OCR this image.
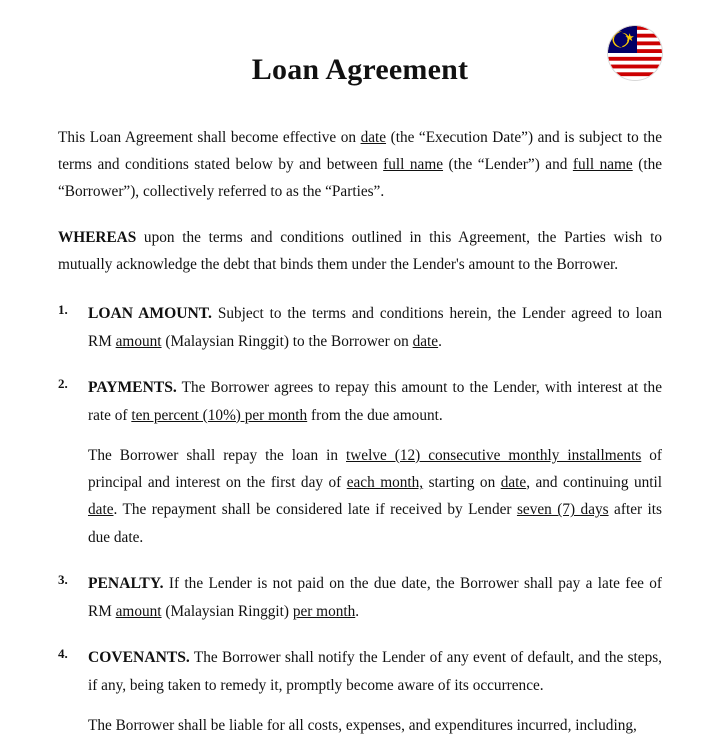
Loan Agreement

This Loan Agreement shall become effective on date (the “Execution Date”) and is subject to the terms and conditions stated below by and between full name (the “Lender”) and full name (the “Borrower”), collectively referred to as the “Parties”.

WHEREAS upon the terms and conditions outlined in this Agreement, the Parties wish to mutually acknowledge the debt that binds them under the Lender's amount to the Borrower.

LOAN AMOUNT. Subject to the terms and conditions herein, the Lender agreed to loan RM amount (Malaysian Ringgit) to the Borrower on date.

PAYMENTS. The Borrower agrees to repay this amount to the Lender, with interest at the rate of ten percent (10%) per month from the due amount.

The Borrower shall repay the loan in twelve (12) consecutive monthly installments of principal and interest on the first day of each month, starting on date, and continuing until date. The repayment shall be considered late if received by Lender seven (7) days after its due date.

PENALTY. If the Lender is not paid on the due date, the Borrower shall pay a late fee of RM amount (Malaysian Ringgit) per month.

COVENANTS. The Borrower shall notify the Lender of any event of default, and the steps, if any, being taken to remedy it, promptly become aware of its occurrence.

The Borrower shall be liable for all costs, expenses, and expenditures incurred, including,
